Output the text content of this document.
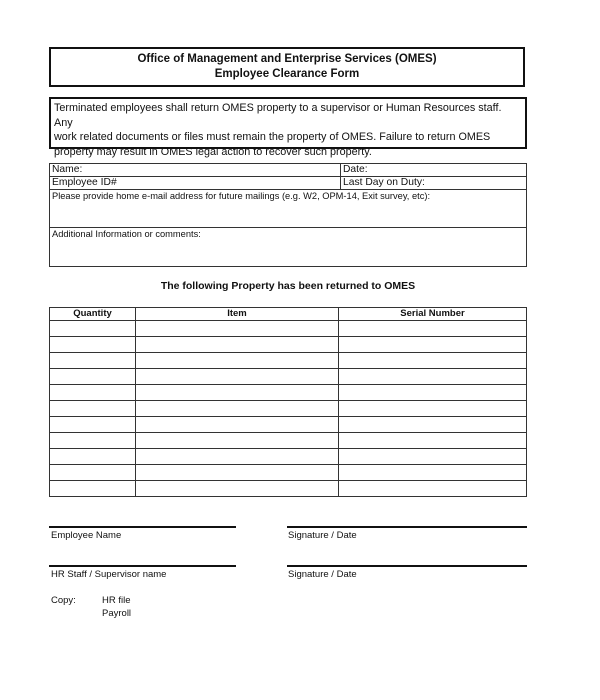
Office of Management and Enterprise Services (OMES)
Employee Clearance Form
Terminated employees shall return OMES property to a supervisor or Human Resources staff. Any
work related documents or files must remain the property of OMES. Failure to return OMES
property may result in OMES legal action to recover such property.
Name:	Date:
Employee ID#	Last Day on Duty:
Please provide home e-mail address for future mailings (e.g. W2, OPM-14, Exit survey, etc):	
Additional Information or comments:	
The following Property has been returned to OMES
Quantity	Item	Serial Number

Employee Name	Signature / Date
HR Staff / Supervisor name	Signature / Date
Copy:	HR file
Payroll
